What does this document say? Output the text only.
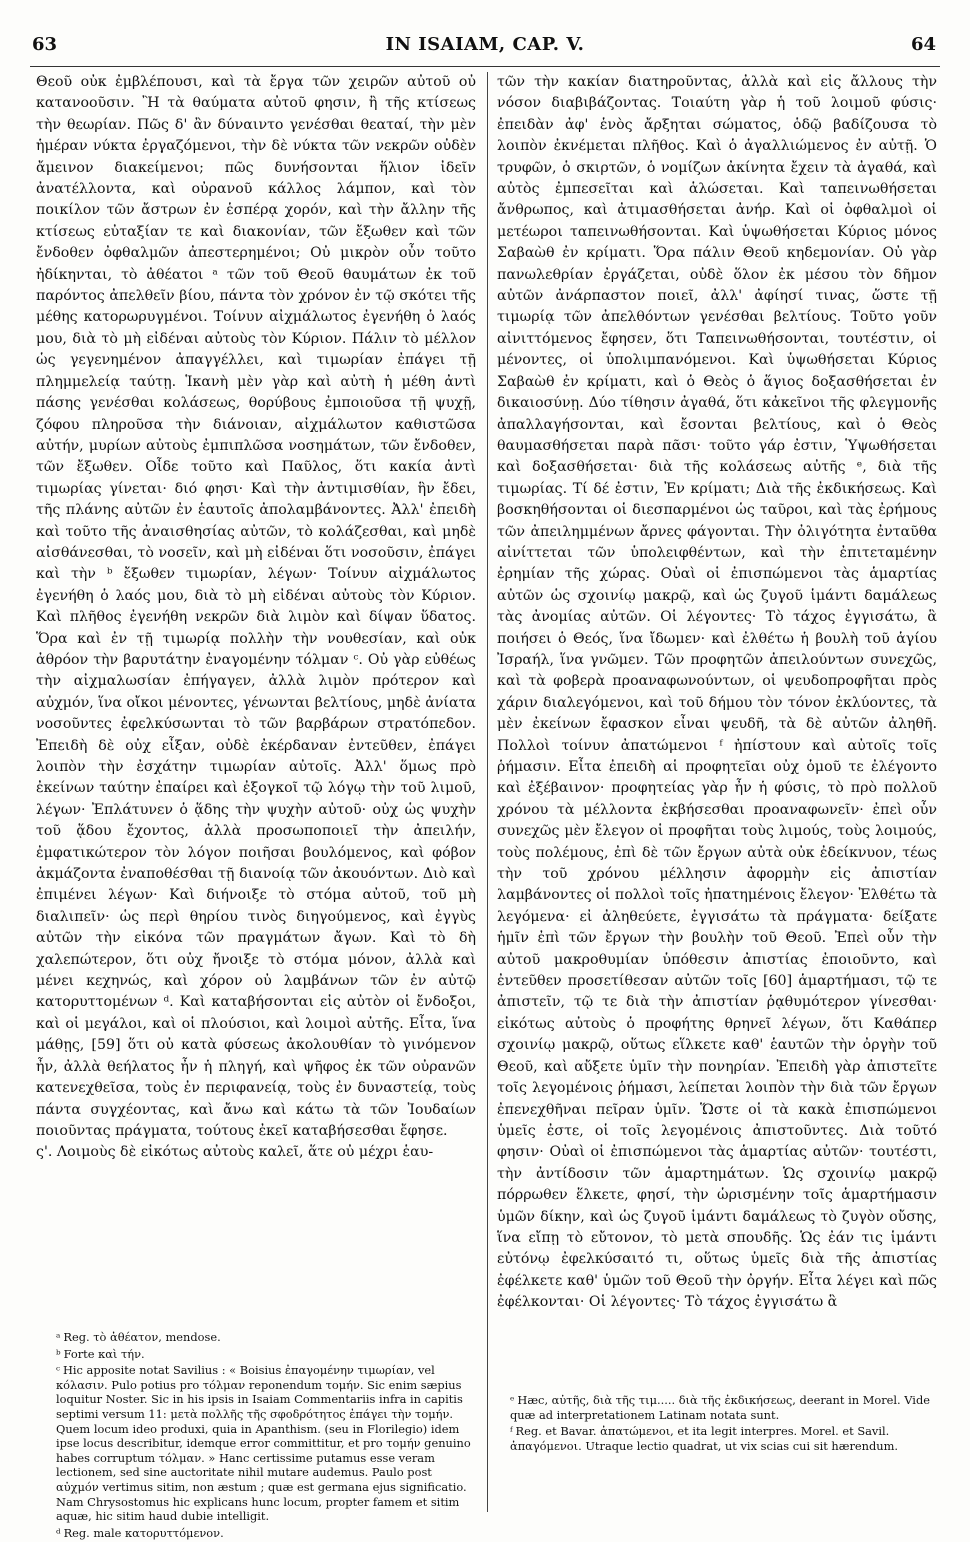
63	IN ISAIAM, CAP. V.	64

Θεοῦ οὐκ ἐμβλέπουσι, καὶ τὰ ἔργα τῶν χειρῶν αὐτοῦ οὐ κατανοοῦσιν. Ἢ τὰ θαύματα αὐτοῦ φησιν, ἢ τῆς κτίσεως τὴν θεωρίαν. Πῶς δ' ἂν δύναιντο γενέσθαι θεαταί, τὴν μὲν ἡμέραν νύκτα ἐργαζόμενοι, τὴν δὲ νύκτα τῶν νεκρῶν οὐδὲν ἄμεινον διακείμενοι; πῶς δυνήσονται ἥλιον ἰδεῖν ἀνατέλλοντα, καὶ οὐρανοῦ κάλλος λάμπον, καὶ τὸν ποικίλον τῶν ἄστρων ἐν ἑσπέρᾳ χορόν, καὶ τὴν ἄλλην τῆς κτίσεως εὐταξίαν τε καὶ διακονίαν, τῶν ἔξωθεν καὶ τῶν ἔνδοθεν ὀφθαλμῶν ἀπεστερημένοι; Οὐ μικρὸν οὖν τοῦτο ἠδίκηνται, τὸ ἀθέατοι ᵃ τῶν τοῦ Θεοῦ θαυμάτων ἐκ τοῦ παρόντος ἀπελθεῖν βίου, πάντα τὸν χρόνον ἐν τῷ σκότει τῆς μέθης κατορωρυγμένοι. Τοίνυν αἰχμάλωτος ἐγενήθη ὁ λαός μου, διὰ τὸ μὴ εἰδέναι αὐτοὺς τὸν Κύριον. Πάλιν τὸ μέλλον ὡς γεγενημένον ἀπαγγέλλει, καὶ τιμωρίαν ἐπάγει τῇ πλημμελείᾳ ταύτῃ. Ἱκανὴ μὲν γὰρ καὶ αὐτὴ ἡ μέθη ἀντὶ πάσης γενέσθαι κολάσεως, θορύβους ἐμποιοῦσα τῇ ψυχῇ, ζόφου πληροῦσα τὴν διάνοιαν, αἰχμάλωτον καθιστῶσα αὐτήν, μυρίων αὐτοὺς ἐμπιπλῶσα νοσημάτων, τῶν ἔνδοθεν, τῶν ἔξωθεν. Οἶδε τοῦτο καὶ Παῦλος, ὅτι κακία ἀντὶ τιμωρίας γίνεται· διό φησι· Καὶ τὴν ἀντιμισθίαν, ἣν ἔδει, τῆς πλάνης αὐτῶν ἐν ἑαυτοῖς ἀπολαμβάνοντες. Ἀλλ' ἐπειδὴ καὶ τοῦτο τῆς ἀναισθησίας αὐτῶν, τὸ κολάζεσθαι, καὶ μηδὲ αἰσθάνεσθαι, τὸ νοσεῖν, καὶ μὴ εἰδέναι ὅτι νοσοῦσιν, ἐπάγει καὶ τὴν ᵇ ἔξωθεν τιμωρίαν, λέγων· Τοίνυν αἰχμάλωτος ἐγενήθη ὁ λαός μου, διὰ τὸ μὴ εἰδέναι αὐτοὺς τὸν Κύριον. Καὶ πλῆθος ἐγενήθη νεκρῶν διὰ λιμὸν καὶ δίψαν ὕδατος. Ὅρα καὶ ἐν τῇ τιμωρίᾳ πολλὴν τὴν νουθεσίαν, καὶ οὐκ ἀθρόον τὴν βαρυτάτην ἐναγομένην τόλμαν ᶜ. Οὐ γὰρ εὐθέως τὴν αἰχμαλωσίαν ἐπήγαγεν, ἀλλὰ λιμὸν πρότερον καὶ αὐχμόν, ἵνα οἴκοι μένοντες, γένωνται βελτίους, μηδὲ ἀνίατα νοσοῦντες ἐφελκύσωνται τὸ τῶν βαρβάρων στρατόπεδον. Ἐπειδὴ δὲ οὐχ εἶξαν, οὐδὲ ἐκέρδαναν ἐντεῦθεν, ἐπάγει λοιπὸν τὴν ἐσχάτην τιμωρίαν αὐτοῖς. Ἀλλ' ὅμως πρὸ ἐκείνων ταύτην ἐπαίρει καὶ ἐξογκοῖ τῷ λόγῳ τὴν τοῦ λιμοῦ, λέγων· Ἐπλάτυνεν ὁ ᾅδης τὴν ψυχὴν αὐτοῦ· οὐχ ὡς ψυχὴν τοῦ ᾅδου ἔχοντος, ἀλλὰ προσωποποιεῖ τὴν ἀπειλήν, ἐμφατικώτερον τὸν λόγον ποιῆσαι βουλόμενος, καὶ φόβον ἀκμάζοντα ἐναποθέσθαι τῇ διανοίᾳ τῶν ἀκουόντων. Διὸ καὶ ἐπιμένει λέγων· Καὶ διήνοιξε τὸ στόμα αὐτοῦ, τοῦ μὴ διαλιπεῖν· ὡς περὶ θηρίου τινὸς διηγούμενος, καὶ ἐγγὺς αὐτῶν τὴν εἰκόνα τῶν πραγμάτων ἄγων. Καὶ τὸ δὴ χαλεπώτερον, ὅτι οὐχ ἤνοιξε τὸ στόμα μόνον, ἀλλὰ καὶ μένει κεχηνώς, καὶ χόρον οὐ λαμβάνων τῶν ἐν αὐτῷ κατορυττομένων ᵈ. Καὶ καταβήσονται εἰς αὐτὸν οἱ ἔνδοξοι, καὶ οἱ μεγάλοι, καὶ οἱ πλούσιοι, καὶ λοιμοὶ αὐτῆς. Εἶτα, ἵνα μάθῃς, [59] ὅτι οὐ κατὰ φύσεως ἀκολουθίαν τὸ γινόμενον ἦν, ἀλλὰ θεήλατος ἦν ἡ πληγή, καὶ ψῆφος ἐκ τῶν οὐρανῶν κατενεχθεῖσα, τοὺς ἐν περιφανείᾳ, τοὺς ἐν δυναστείᾳ, τοὺς πάντα συγχέοντας, καὶ ἄνω καὶ κάτω τὰ τῶν Ἰουδαίων ποιοῦντας πράγματα, τούτους ἐκεῖ καταβήσεσθαι ἔφησε.

ς'. Λοιμοὺς δὲ εἰκότως αὐτοὺς καλεῖ, ἅτε οὐ μέχρι ἑαυ-

τῶν τὴν κακίαν διατηροῦντας, ἀλλὰ καὶ εἰς ἄλλους τὴν νόσον διαβιβάζοντας. Τοιαύτη γὰρ ἡ τοῦ λοιμοῦ φύσις· ἐπειδὰν ἀφ' ἑνὸς ἄρξηται σώματος, ὁδῷ βαδίζουσα τὸ λοιπὸν ἐκνέμεται πλῆθος. Καὶ ὁ ἀγαλλιώμενος ἐν αὐτῇ. Ὁ τρυφῶν, ὁ σκιρτῶν, ὁ νομίζων ἀκίνητα ἔχειν τὰ ἀγαθά, καὶ αὐτὸς ἐμπεσεῖται καὶ ἁλώσεται. Καὶ ταπεινωθήσεται ἄνθρωπος, καὶ ἀτιμασθήσεται ἀνήρ. Καὶ οἱ ὀφθαλμοὶ οἱ μετέωροι ταπεινωθήσονται. Καὶ ὑψωθήσεται Κύριος μόνος Σαβαὼθ ἐν κρίματι. Ὅρα πάλιν Θεοῦ κηδεμονίαν. Οὐ γὰρ πανωλεθρίαν ἐργάζεται, οὐδὲ ὅλον ἐκ μέσου τὸν δῆμον αὐτῶν ἀνάρπαστον ποιεῖ, ἀλλ' ἀφίησί τινας, ὥστε τῇ τιμωρίᾳ τῶν ἀπελθόντων γενέσθαι βελτίους. Τοῦτο γοῦν αἰνιττόμενος ἔφησεν, ὅτι Ταπεινωθήσονται, τουτέστιν, οἱ μένοντες, οἱ ὑπολιμπανόμενοι. Καὶ ὑψωθήσεται Κύριος Σαβαὼθ ἐν κρίματι, καὶ ὁ Θεὸς ὁ ἅγιος δοξασθήσεται ἐν δικαιοσύνῃ. Δύο τίθησιν ἀγαθά, ὅτι κἀκεῖνοι τῆς φλεγμονῆς ἀπαλλαγήσονται, καὶ ἔσονται βελτίους, καὶ ὁ Θεὸς θαυμασθήσεται παρὰ πᾶσι· τοῦτο γάρ ἐστιν, Ὑψωθήσεται καὶ δοξασθήσεται· διὰ τῆς κολάσεως αὐτῆς ᵉ, διὰ τῆς τιμωρίας. Τί δέ ἐστιν, Ἐν κρίματι; Διὰ τῆς ἐκδικήσεως. Καὶ βοσκηθήσονται οἱ διεσπαρμένοι ὡς ταῦροι, καὶ τὰς ἐρήμους τῶν ἀπειλημμένων ἄρνες φάγονται. Τὴν ὀλιγότητα ἐνταῦθα αἰνίττεται τῶν ὑπολειφθέντων, καὶ τὴν ἐπιτεταμένην ἐρημίαν τῆς χώρας. Οὐαὶ οἱ ἐπισπώμενοι τὰς ἁμαρτίας αὐτῶν ὡς σχοινίῳ μακρῷ, καὶ ὡς ζυγοῦ ἱμάντι δαμάλεως τὰς ἀνομίας αὐτῶν. Οἱ λέγοντες· Τὸ τάχος ἐγγισάτω, ἃ ποιήσει ὁ Θεός, ἵνα ἴδωμεν· καὶ ἐλθέτω ἡ βουλὴ τοῦ ἁγίου Ἰσραήλ, ἵνα γνῶμεν. Τῶν προφητῶν ἀπειλούντων συνεχῶς, καὶ τὰ φοβερὰ προαναφωνούντων, οἱ ψευδοπροφῆται πρὸς χάριν διαλεγόμενοι, καὶ τοῦ δήμου τὸν τόνον ἐκλύοντες, τὰ μὲν ἐκείνων ἔφασκον εἶναι ψευδῆ, τὰ δὲ αὐτῶν ἀληθῆ. Πολλοὶ τοίνυν ἀπατώμενοι ᶠ ἠπίστουν καὶ αὐτοῖς τοῖς ῥήμασιν. Εἶτα ἐπειδὴ αἱ προφητεῖαι οὐχ ὁμοῦ τε ἐλέγοντο καὶ ἐξέβαινον· προφητείας γὰρ ἦν ἡ φύσις, τὸ πρὸ πολλοῦ χρόνου τὰ μέλλοντα ἐκβήσεσθαι προαναφωνεῖν· ἐπεὶ οὖν συνεχῶς μὲν ἔλεγον οἱ προφῆται τοὺς λιμούς, τοὺς λοιμούς, τοὺς πολέμους, ἐπὶ δὲ τῶν ἔργων αὐτὰ οὐκ ἐδείκνυον, τέως τὴν τοῦ χρόνου μέλλησιν ἀφορμὴν εἰς ἀπιστίαν λαμβάνοντες οἱ πολλοὶ τοῖς ἠπατημένοις ἔλεγον· Ἐλθέτω τὰ λεγόμενα· εἰ ἀληθεύετε, ἐγγισάτω τὰ πράγματα· δείξατε ἡμῖν ἐπὶ τῶν ἔργων τὴν βουλὴν τοῦ Θεοῦ. Ἐπεὶ οὖν τὴν αὐτοῦ μακροθυμίαν ὑπόθεσιν ἀπιστίας ἐποιοῦντο, καὶ ἐντεῦθεν προσετίθεσαν αὐτῶν τοῖς [60] ἁμαρτήμασι, τῷ τε ἀπιστεῖν, τῷ τε διὰ τὴν ἀπιστίαν ῥᾳθυμότερον γίνεσθαι· εἰκότως αὐτοὺς ὁ προφήτης θρηνεῖ λέγων, ὅτι Καθάπερ σχοινίῳ μακρῷ, οὕτως εἵλκετε καθ' ἑαυτῶν τὴν ὀργὴν τοῦ Θεοῦ, καὶ αὔξετε ὑμῖν τὴν πονηρίαν. Ἐπειδὴ γὰρ ἀπιστεῖτε τοῖς λεγομένοις ῥήμασι, λείπεται λοιπὸν τὴν διὰ τῶν ἔργων ἐπενεχθῆναι πεῖραν ὑμῖν. Ὥστε οἱ τὰ κακὰ ἐπισπώμενοι ὑμεῖς ἐστε, οἱ τοῖς λεγομένοις ἀπιστοῦντες. Διὰ τοῦτό φησιν· Οὐαὶ οἱ ἐπισπώμενοι τὰς ἁμαρτίας αὐτῶν· τουτέστι, τὴν ἀντίδοσιν τῶν ἁμαρτημάτων. Ὡς σχοινίῳ μακρῷ πόρρωθεν ἕλκετε, φησί, τὴν ὡρισμένην τοῖς ἁμαρτήμασιν ὑμῶν δίκην, καὶ ὡς ζυγοῦ ἱμάντι δαμάλεως τὸ ζυγὸν οὔσης, ἵνα εἴπῃ τὸ εὔτονον, τὸ μετὰ σπουδῆς. Ὡς ἐάν τις ἱμάντι εὐτόνῳ ἐφελκύσαιτό τι, οὕτως ὑμεῖς διὰ τῆς ἀπιστίας ἐφέλκετε καθ' ὑμῶν τοῦ Θεοῦ τὴν ὀργήν. Εἶτα λέγει καὶ πῶς ἐφέλκονται· Οἱ λέγοντες· Τὸ τάχος ἐγγισάτω ἃ

ᵃ Reg. τὸ ἀθέατον, mendose.

ᵇ Forte καὶ τήν.

ᶜ Hic apposite notat Savilius : « Boisius ἐπαγομένην τιμωρίαν, vel κόλασιν. Pulo potius pro τόλμαν reponendum τομήν. Sic enim sæpius loquitur Noster. Sic in his ipsis in Isaiam Commentariis infra in capitis septimi versum 11: μετὰ πολλῆς τῆς σφοδρότητος ἐπάγει τὴν τομήν. Quem locum ideo produxi, quia in Apanthism. (seu in Florilegio) idem ipse locus describitur, idemque error committitur, et pro τομήν genuino habes corruptum τόλμαν. » Hanc certissime putamus esse veram lectionem, sed sine auctoritate nihil mutare audemus. Paulo post αὐχμόν vertimus sitim, non æstum ; quæ est germana ejus significatio. Nam Chrysostomus hic explicans hunc locum, propter famem et sitim aquæ, hic sitim haud dubie intelligit.

ᵈ Reg. male κατορυττόμενον.

ᵉ Hæc, αὐτῆς, διὰ τῆς τιμ..... διὰ τῆς ἐκδικήσεως, deerant in Morel. Vide quæ ad interpretationem Latinam notata sunt.

ᶠ Reg. et Bavar. ἀπατώμενοι, et ita legit interpres. Morel. et Savil. ἀπαγόμενοι. Utraque lectio quadrat, ut vix scias cui sit hærendum.
